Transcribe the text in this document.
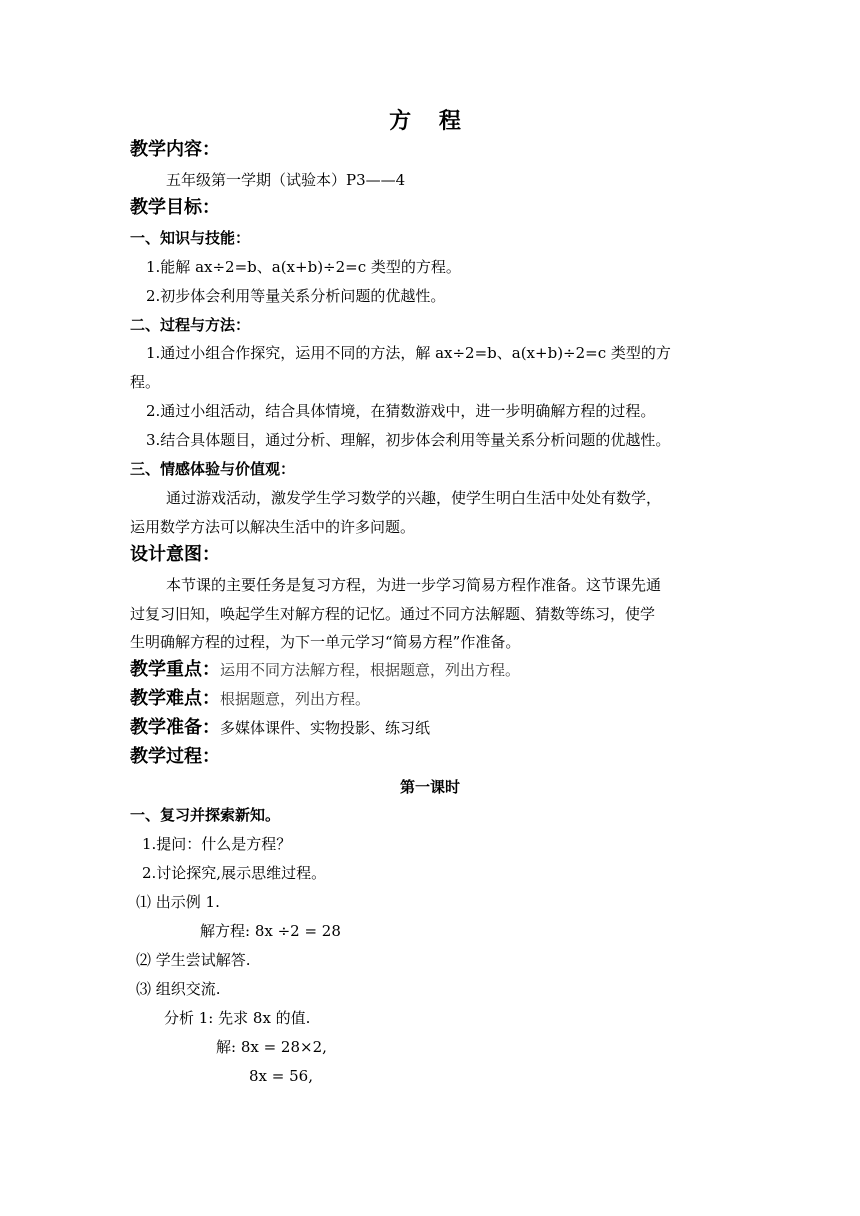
方 程
教学内容：
五年级第一学期（试验本）P3——4
教学目标：
一、知识与技能：
1.能解 ax÷2=b、a(x+b)÷2=c 类型的方程。
2.初步体会利用等量关系分析问题的优越性。
二、过程与方法：
1.通过小组合作探究，运用不同的方法，解 ax÷2=b、a(x+b)÷2=c 类型的方
程。
2.通过小组活动，结合具体情境，在猜数游戏中，进一步明确解方程的过程。
3.结合具体题目，通过分析、理解，初步体会利用等量关系分析问题的优越性。
三、情感体验与价值观：
通过游戏活动，激发学生学习数学的兴趣，使学生明白生活中处处有数学，
运用数学方法可以解决生活中的许多问题。
设计意图：
本节课的主要任务是复习方程，为进一步学习简易方程作准备。这节课先通
过复习旧知，唤起学生对解方程的记忆。通过不同方法解题、猜数等练习，使学
生明确解方程的过程，为下一单元学习“简易方程”作准备。
教学重点：运用不同方法解方程，根据题意，列出方程。
教学难点：根据题意，列出方程。
教学准备：多媒体课件、实物投影、练习纸
教学过程：
第一课时
一、复习并探索新知。
1.提问：什么是方程？
2.讨论探究,展示思维过程。
⑴ 出示例 1.
解方程: 8x ÷2 = 28
⑵ 学生尝试解答.
⑶ 组织交流.
分析 1: 先求 8x 的值.
解: 8x = 28×2,
8x = 56,
